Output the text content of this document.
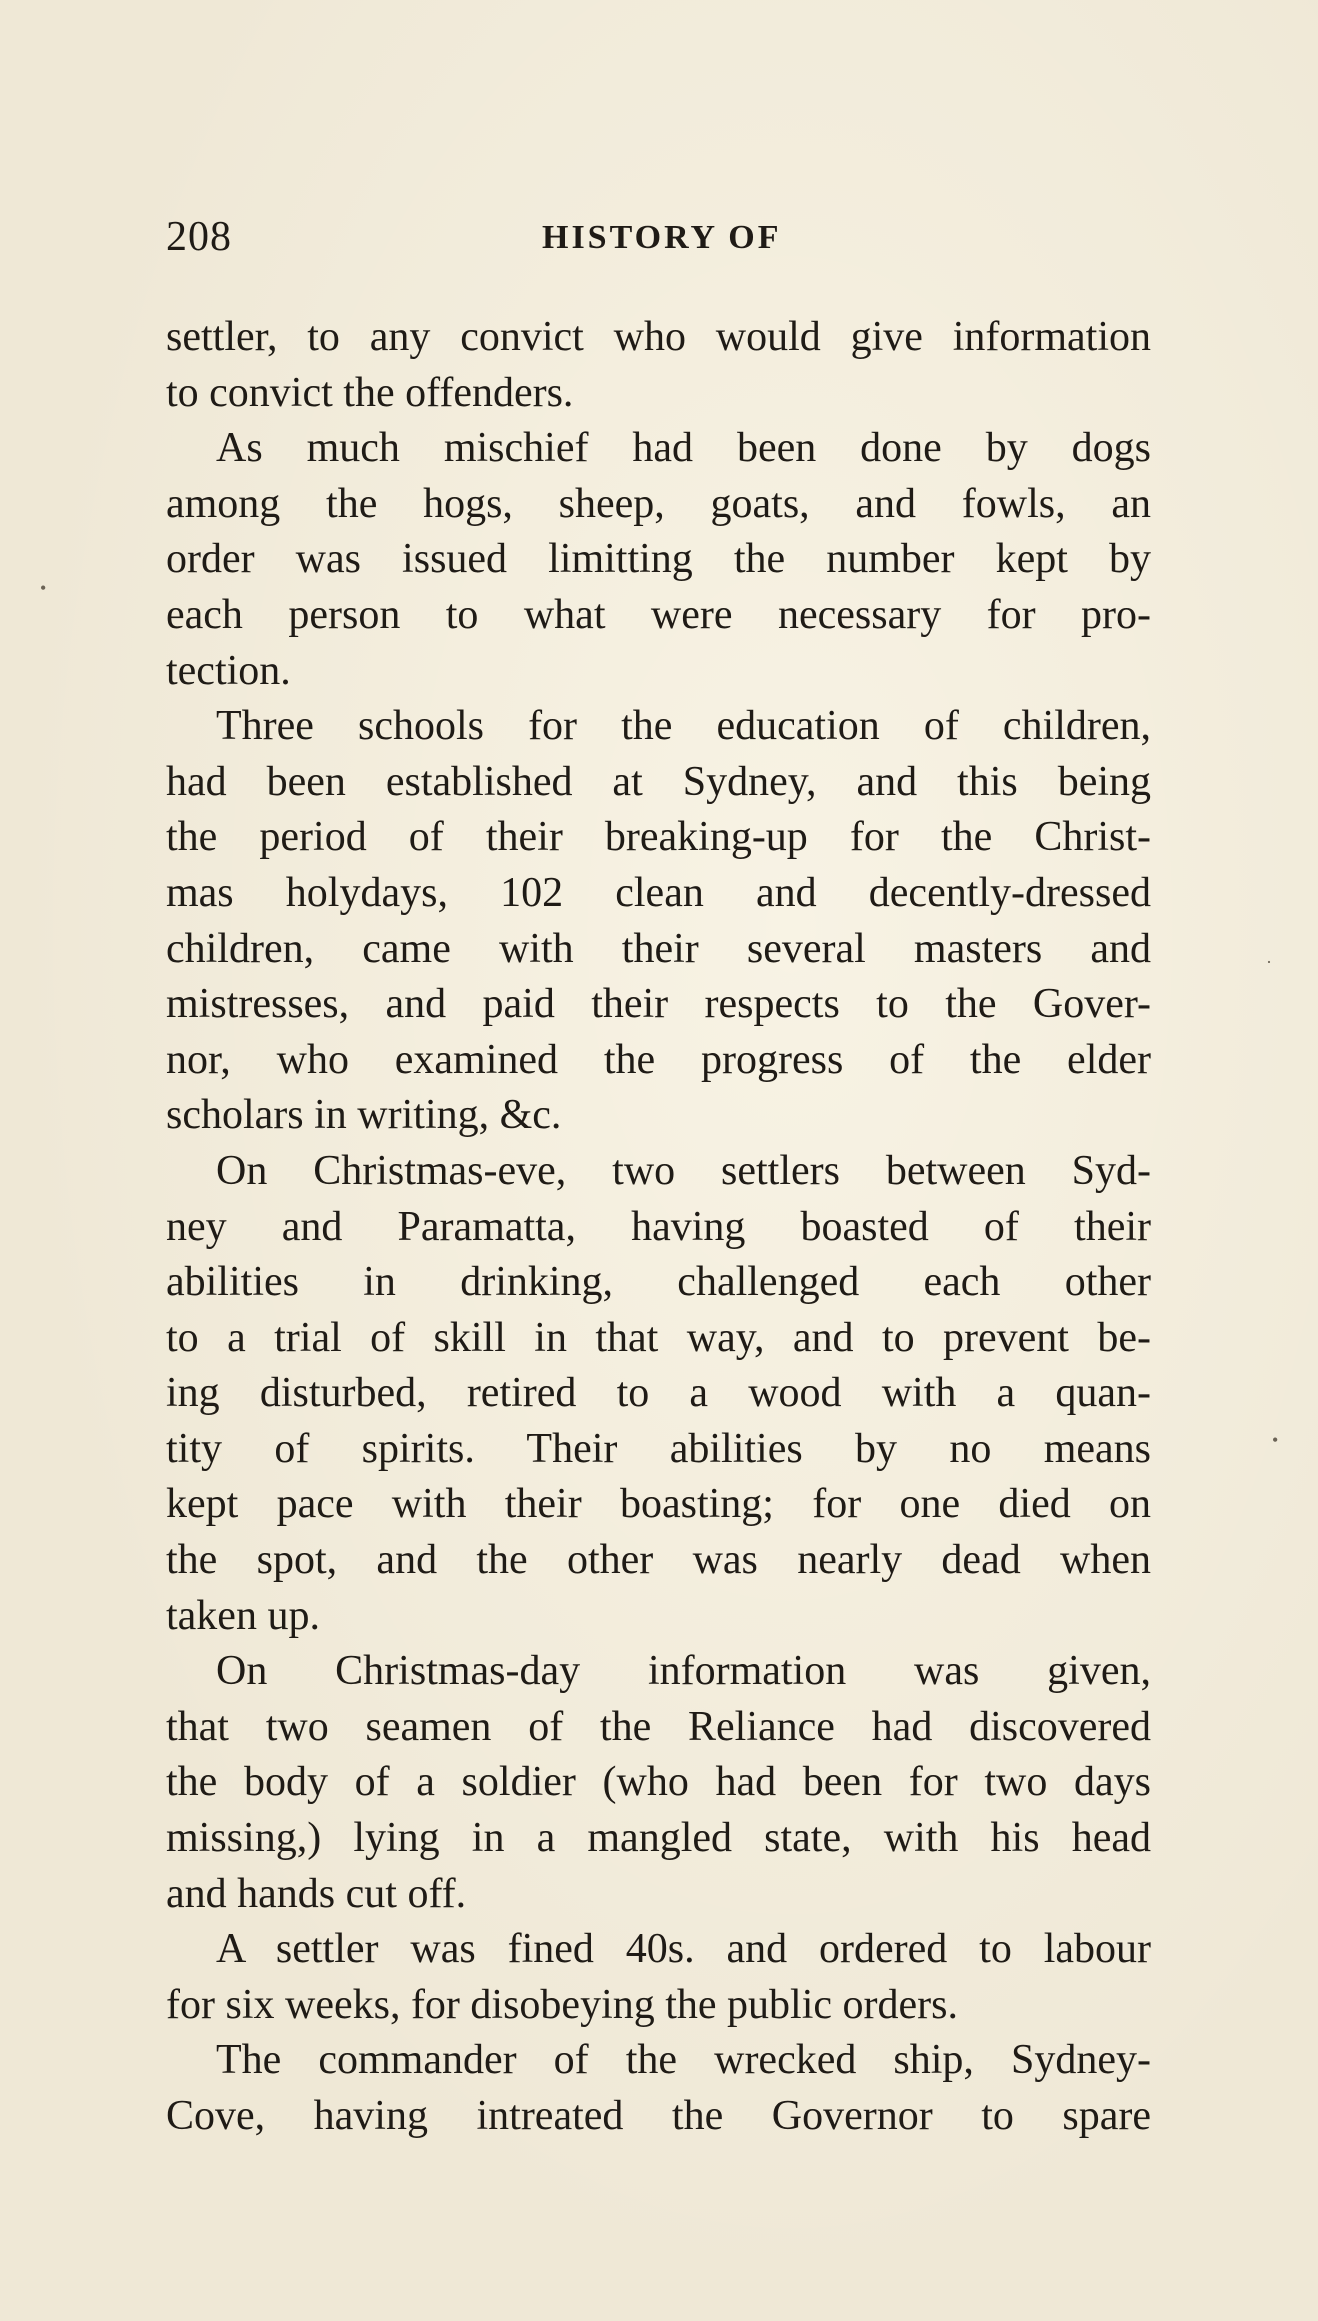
208	HISTORY OF
settler, to any convict who would give information
to convict the offenders.
As much mischief had been done by dogs
among the hogs, sheep, goats, and fowls, an
order was issued limitting the number kept by
each person to what were necessary for pro-
tection.
Three schools for the education of children,
had been established at Sydney, and this being
the period of their breaking-up for the Christ-
mas holydays, 102 clean and decently-dressed
children, came with their several masters and
mistresses, and paid their respects to the Gover-
nor, who examined the progress of the elder
scholars in writing, &c.
On Christmas-eve, two settlers between Syd-
ney and Paramatta, having boasted of their
abilities in drinking, challenged each other
to a trial of skill in that way, and to prevent be-
ing disturbed, retired to a wood with a quan-
tity of spirits. Their abilities by no means
kept pace with their boasting; for one died on
the spot, and the other was nearly dead when
taken up.
On Christmas-day information was given,
that two seamen of the Reliance had discovered
the body of a soldier (who had been for two days
missing,) lying in a mangled state, with his head
and hands cut off.
A settler was fined 40s. and ordered to labour
for six weeks, for disobeying the public orders.
The commander of the wrecked ship, Sydney-
Cove, having intreated the Governor to spare
•
•
·
